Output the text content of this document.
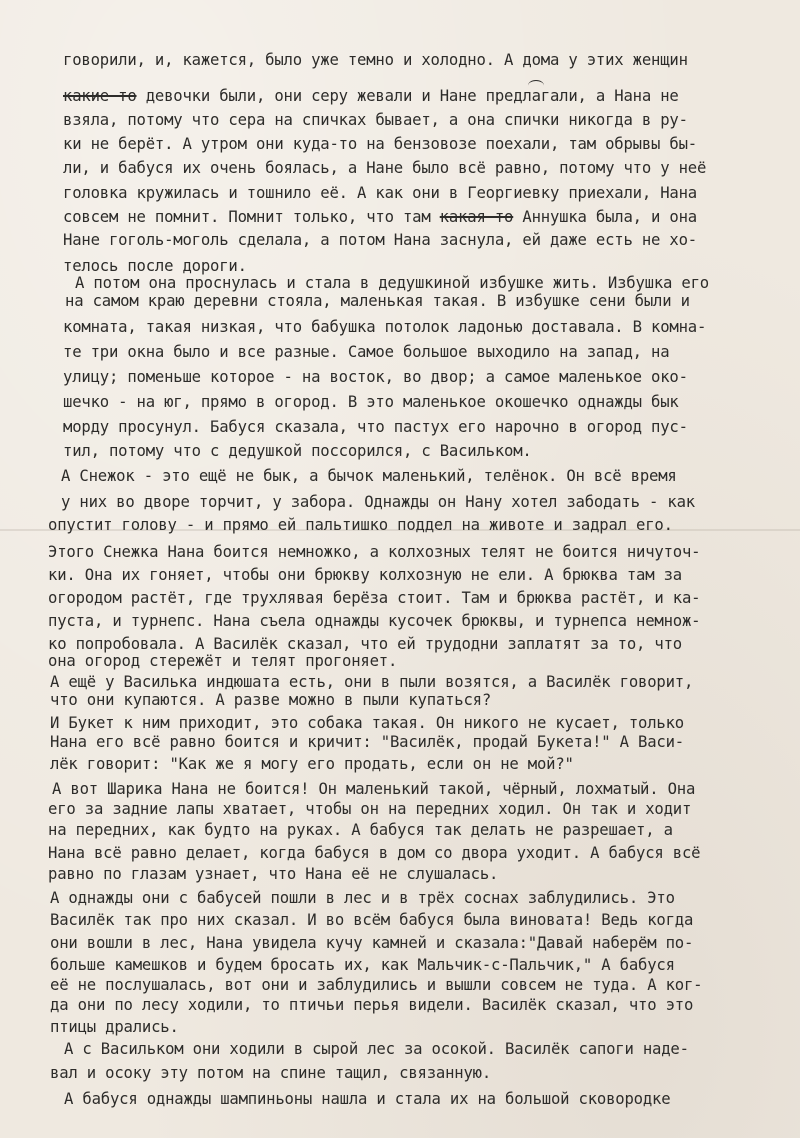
говорили, и, кажется, было уже темно и холодно. А дома у этих женщин
какие-то девочки были, они серу жевали и Нане предлагали, а Нана не
взяла, потому что сера на спичках бывает, а она спички никогда в ру-
ки не берёт. А утром они куда-то на бензовозе поехали, там обрывы бы-
ли, и бабуся их очень боялась, а Нане было всё равно, потому что у неё
головка кружилась и тошнило её. А как они в Георгиевку приехали, Нана
совсем не помнит. Помнит только, что там какая-то Аннушка была, и она
Нане гоголь-моголь сделала, а потом Нана заснула, ей даже есть не хо-
телось после дороги.
А потом она проснулась и стала в дедушкиной избушке жить. Избушка его
на самом краю деревни стояла, маленькая такая. В избушке сени были и
комната, такая низкая, что бабушка потолок ладонью доставала. В комна-
те три окна было и все разные. Самое большое выходило на запад, на
улицу; поменьше которое - на восток, во двор; а самое маленькое око-
шечко - на юг, прямо в огород. В это маленькое окошечко однажды бык
морду просунул. Бабуся сказала, что пастух его нарочно в огород пус-
тил, потому что с дедушкой поссорился, с Васильком.
А Снежок - это ещё не бык, а бычок маленький, телёнок. Он всё время
у них во дворе торчит, у забора. Однажды он Нану хотел забодать - как
опустит голову - и прямо ей пальтишко поддел на животе и задрал его.
Этого Снежка Нана боится немножко, а колхозных телят не боится ничуточ-
ки. Она их гоняет, чтобы они брюкву колхозную не ели. А брюква там за
огородом растёт, где трухлявая берёза стоит. Там и брюква растёт, и ка-
пуста, и турнепс. Нана съела однажды кусочек брюквы, и турнепса немнож-
ко попробовала. А Василёк сказал, что ей трудодни заплатят за то, что
она огород стережёт и телят прогоняет.
А ещё у Василька индюшата есть, они в пыли возятся, а Василёк говорит,
что они купаются. А разве можно в пыли купаться?
И Букет к ним приходит, это собака такая. Он никого не кусает, только
Нана его всё равно боится и кричит: "Василёк, продай Букета!" А Васи-
лёк говорит: "Как же я могу его продать, если он не мой?"
А вот Шарика Нана не боится! Он маленький такой, чёрный, лохматый. Она
его за задние лапы хватает, чтобы он на передних ходил. Он так и ходит
на передних, как будто на руках. А бабуся так делать не разрешает, а
Нана всё равно делает, когда бабуся в дом со двора уходит. А бабуся всё
равно по глазам узнает, что Нана её не слушалась.
А однажды они с бабусей пошли в лес и в трёх соснах заблудились. Это
Василёк так про них сказал. И во всём бабуся была виновата! Ведь когда
они вошли в лес, Нана увидела кучу камней и сказала:"Давай наберём по-
больше камешков и будем бросать их, как Мальчик-с-Пальчик," А бабуся
её не послушалась, вот они и заблудились и вышли совсем не туда. А ког-
да они по лесу ходили, то птичьи перья видели. Василёк сказал, что это
птицы дрались.
А с Васильком они ходили в сырой лес за осокой. Василёк сапоги наде-
вал и осоку эту потом на спине тащил, связанную.
А бабуся однажды шампиньоны нашла и стала их на большой сковородке
